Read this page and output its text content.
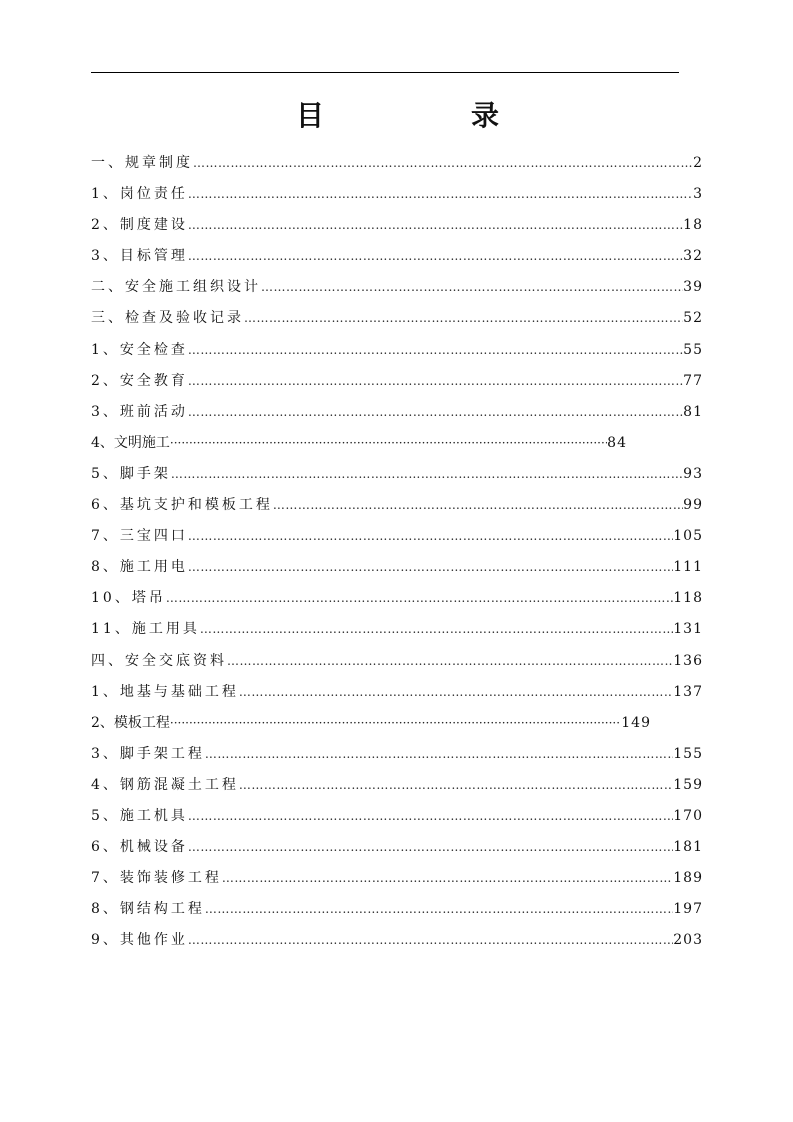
目	录
一、规章制度 ……………………………………………………………………………………………………………………………………………………	2
1、岗位责任 ……………………………………………………………………………………………………………………………………………………	3
2、制度建设 ……………………………………………………………………………………………………………………………………………………	18
3、目标管理 ……………………………………………………………………………………………………………………………………………………	32
二、安全施工组织设计 ……………………………………………………………………………………………………………………………………………………	39
三、检查及验收记录 ……………………………………………………………………………………………………………………………………………………	52
1、安全检查 ……………………………………………………………………………………………………………………………………………………	55
2、安全教育 ……………………………………………………………………………………………………………………………………………………	77
3、班前活动 ……………………………………………………………………………………………………………………………………………………	81
4、文明施工 ·····	84
5、脚手架 ……………………………………………………………………………………………………………………………………………………	93
6、基坑支护和模板工程 ……………………………………………………………………………………………………………………………………………………	99
7、三宝四口 ……………………………………………………………………………………………………………………………………………………	105
8、施工用电 ……………………………………………………………………………………………………………………………………………………	111
10、塔吊 ……………………………………………………………………………………………………………………………………………………	118
11、施工用具 ……………………………………………………………………………………………………………………………………………………	131
四、安全交底资料 ……………………………………………………………………………………………………………………………………………………	136
1、地基与基础工程 ……………………………………………………………………………………………………………………………………………………	137
2、模板工程 ·····	149
3、脚手架工程 ……………………………………………………………………………………………………………………………………………………	155
4、钢筋混凝土工程 ……………………………………………………………………………………………………………………………………………………	159
5、施工机具 ……………………………………………………………………………………………………………………………………………………	170
6、机械设备 ……………………………………………………………………………………………………………………………………………………	181
7、装饰装修工程 ……………………………………………………………………………………………………………………………………………………	189
8、钢结构工程 ……………………………………………………………………………………………………………………………………………………	197
9、其他作业 ……………………………………………………………………………………………………………………………………………………	203
